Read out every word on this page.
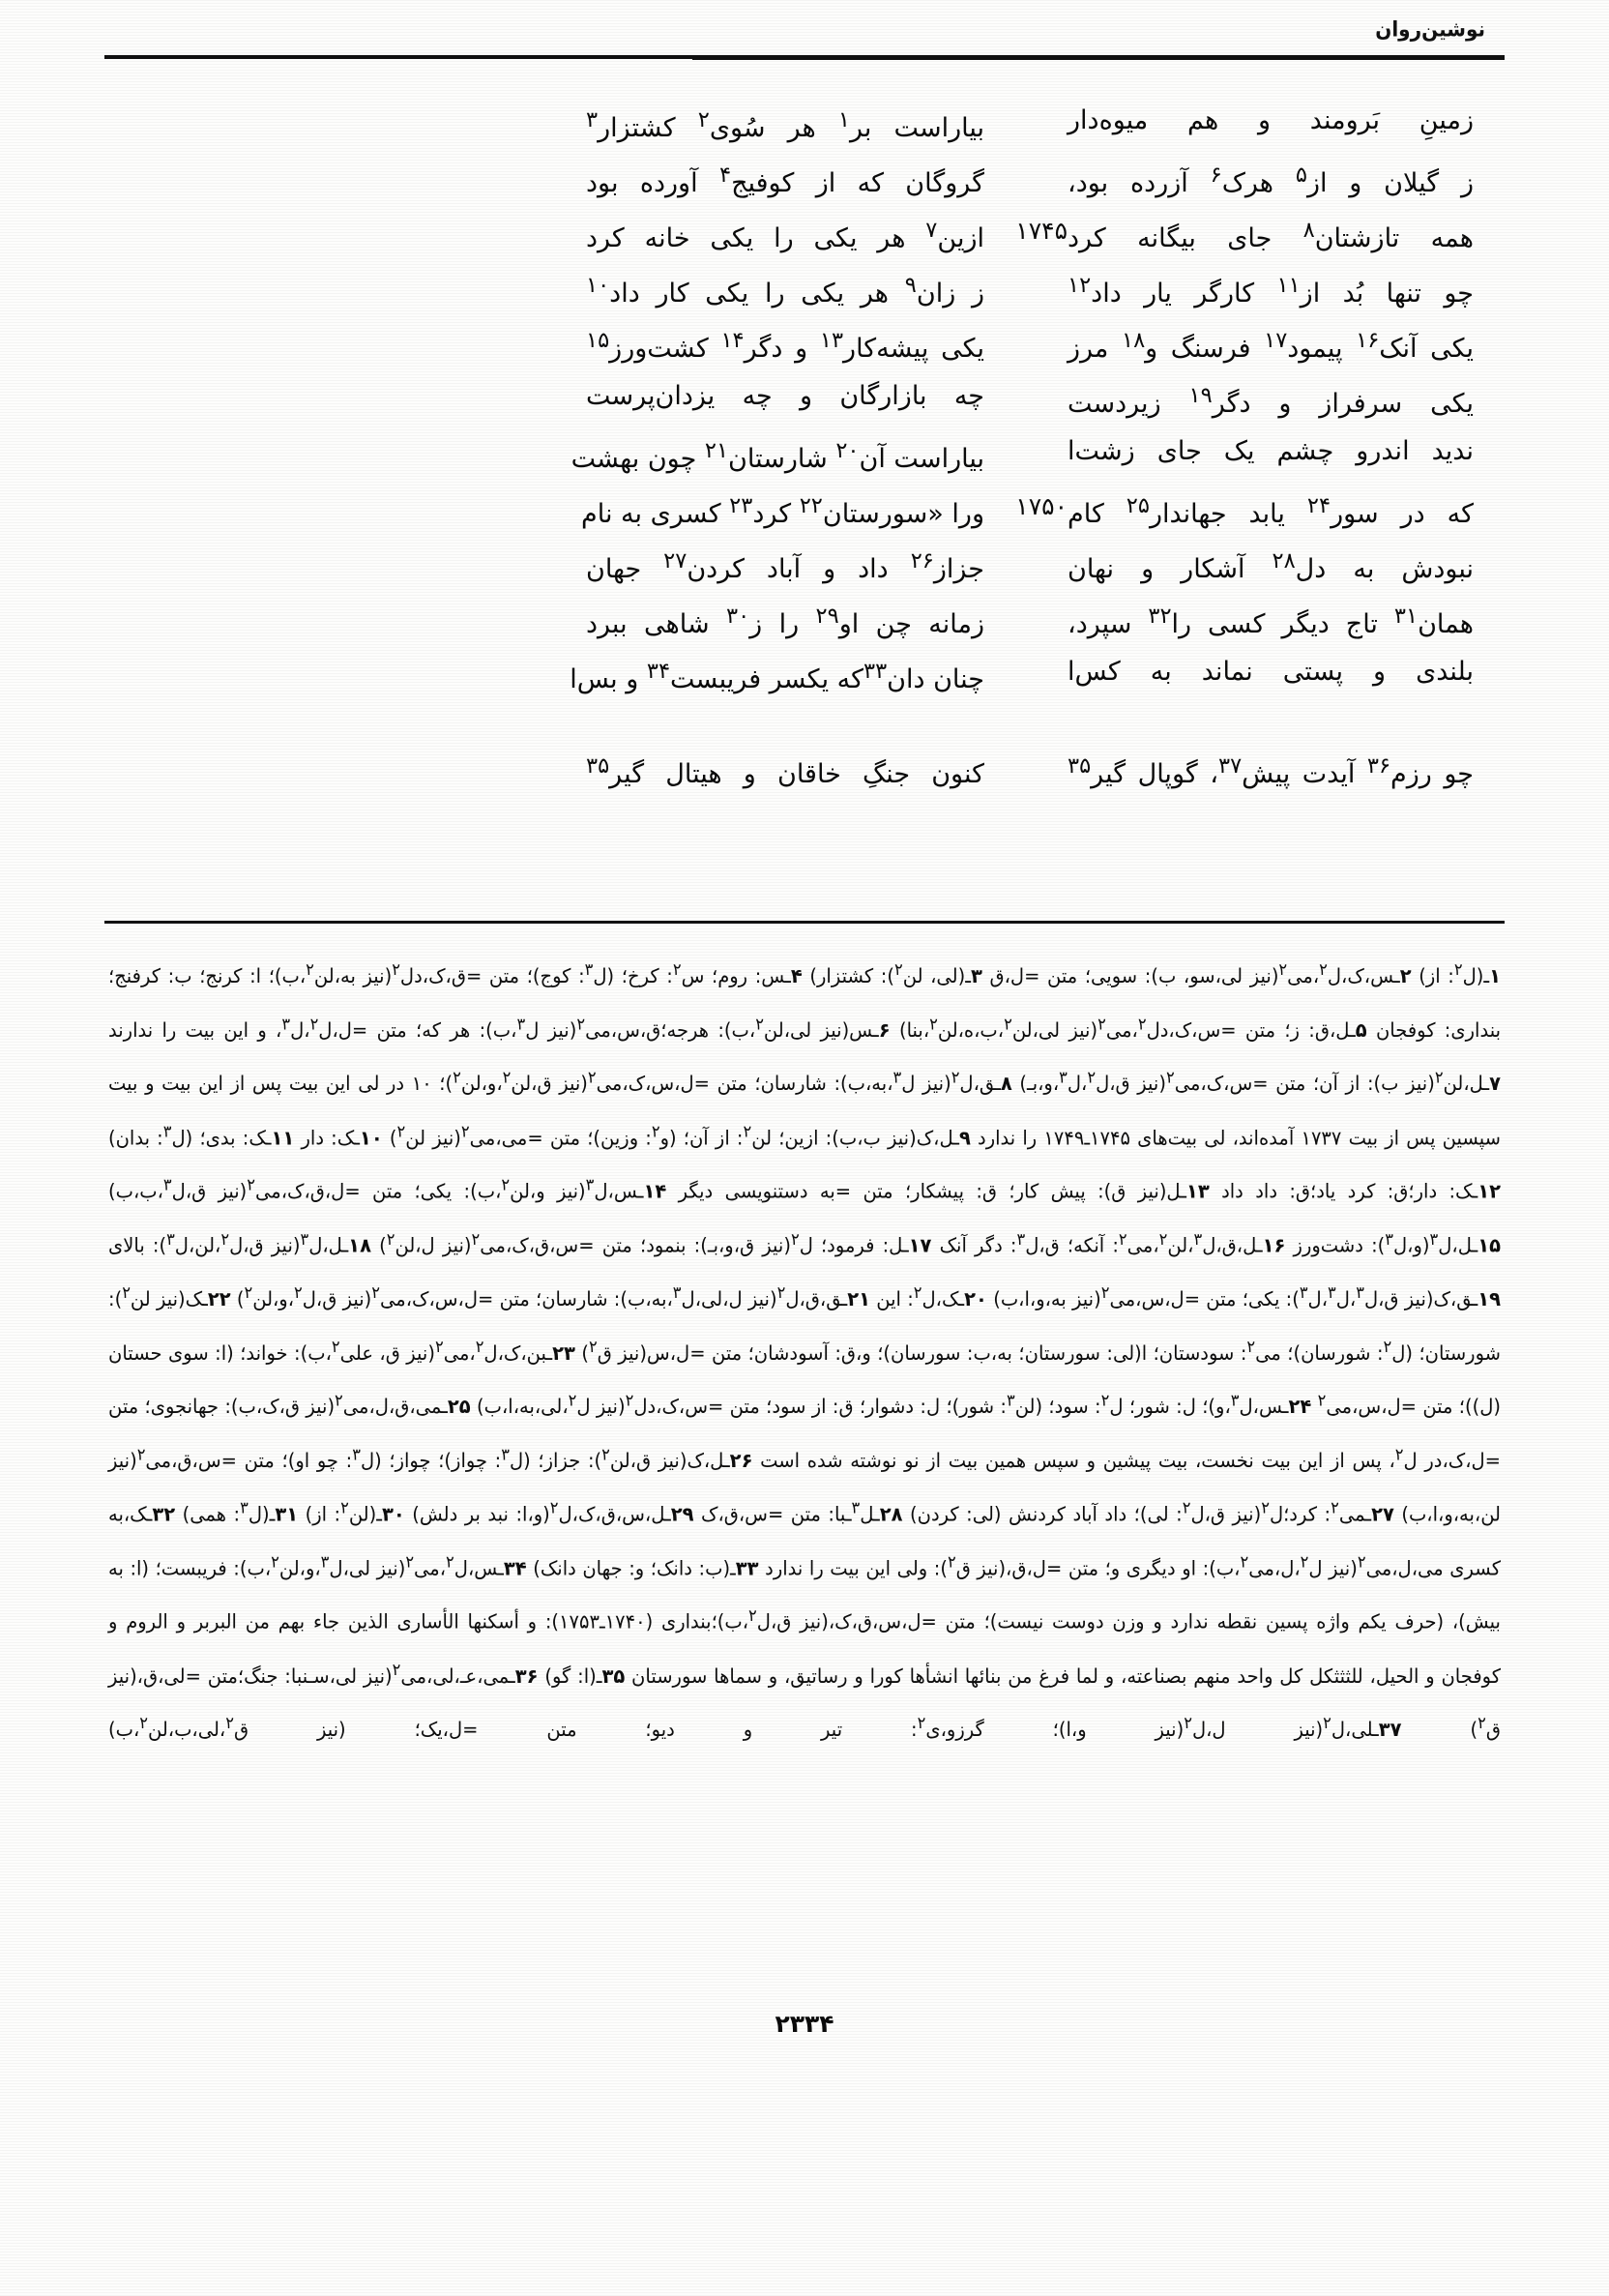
نوشین‌روان
زمینِ بَرومند و هم میوه‌دار
بیاراست بر$^۱$ هر سُوی$^۲$ کشتزار$^۳$
ز گیلان و از$^۵$ هرک$^۶$ آزرده بود،
گروگان که از کوفیج$^۴$ آورده بود
همه تازشتان$^۸$ جای بیگانه کرد
۱۷۴۵
ازین$^۷$ هر یکی را یکی خانه کرد
چو تنها بُد از$^{۱۱}$ کارگر یار داد$^{۱۲}$
ز زان$^۹$ هر یکی را یکی کار داد$^{۱۰}$
یکی آنک$^{۱۶}$ پیمود$^{۱۷}$ فرسنگ و$^{۱۸}$ مرز
یکی پیشه‌کار$^{۱۳}$ و دگر$^{۱۴}$ کشت‌ورز$^{۱۵}$
یکی سرفراز و دگر$^{۱۹}$ زیردست
چه بازارگان و چه یزدان‌پرست
ندید اندرو چشم یک جای زشت‌ا
بیاراست آن$^{۲۰}$ شارستان$^{۲۱}$ چون بهشت
که در سور$^{۲۴}$ یابد جهاندار$^{۲۵}$ کام
۱۷۵۰
ورا «سورستان$^{۲۲}$ کرد$^{۲۳}$ کسری به نام
نبودش به دل$^{۲۸}$ آشکار و نهان
جزاز$^{۲۶}$ داد و آباد کردن$^{۲۷}$ جهان
همان$^{۳۱}$ تاج دیگر کسی را$^{۳۲}$ سپرد،
زمانه چن او$^{۲۹}$ را ز$^{۳۰}$ شاهی ببرد
بلندی و پستی نماند به کس‌ا
چنان دان$^{۳۳}$که یکسر فریبست$^{۳۴}$ و بس‌ا
چو رزم$^{۳۶}$ آیدت پیش$^{۳۷}$، گوپال گیر$^{۳۵}$
کنون جنگِ خاقان و هیتال گیر$^{۳۵}$
۱ـ(ل$^۲$: از) ۲ـس،ک،ل$^۲$،می$^۲$(نیز لی،سو، ب): سویی؛ متن =ل،ق ۳ـ(لی، لن$^۲$): کشتزار) ۴ـس: روم؛ س$^۲$: کرخ؛ (ل$^۳$: کوج)؛ متن =ق،ک،دل$^۲$(نیز به،لن$^۲$،ب)؛ ا: کرنج؛ ب: کرفنج؛ بنداری: کوفجان ۵ـل،ق: ز؛ متن =س،ک،دل$^۲$،می$^۲$(نیز لی،لن$^۲$،ب،ه،لن$^۲$،بنا) ۶ـس(نیز لی،لن$^۲$،ب): هرجه؛ق،س،می$^۲$(نیز ل$^۳$،ب): هر که؛ متن =ل،ل$^۲$،ل$^۳$، و این بیت را ندارند ۷ـل،لن$^۲$(نیز ب): از آن؛ متن =س،ک،می$^۲$(نیز ق،ل$^۲$،ل$^۳$،و،بـ) ۸ـق،ل$^۲$(نیز ل$^۳$،به،ب): شارسان؛ متن =ل،س،ک،می$^۲$(نیز ق،لن$^۲$،و،لن$^۲$)؛ ۱۰ در لی این بیت پس از این بیت و بیت سپسین پس از بیت ۱۷۳۷ آمده‌اند، لی بیت‌های ۱۷۴۵ـ۱۷۴۹ را ندارد ۹ـل،ک(نیز ب،ب): ازین؛ لن$^۲$: از آن؛ (و$^۲$: وزین)؛ متن =می،می$^۲$(نیز لن$^۲$) ۱۰ـک: دار ۱۱ـک: بدی؛ (ل$^۳$: بدان) ۱۲ـک: دار؛ق: کرد یاد؛ق: داد داد ۱۳ـل(نیز ق): پیش کار؛ ق: پیشکار؛ متن =به دستنویسی دیگر ۱۴ـس،ل$^۳$(نیز و،لن$^۲$،ب): یکی؛ متن =ل،ق،ک،می$^۲$(نیز ق،ل$^۳$،ب،ب) ۱۵ـل،ل$^۳$(و،ل$^۳$): دشت‌ورز ۱۶ـل،ق،ل$^۳$،لن$^۲$،می$^۲$: آنکه؛ ق،ل$^۳$: دگر آنک ۱۷ـل: فرمود؛ ل$^۲$(نیز ق،و،بـ): بنمود؛ متن =س،ق،ک،می$^۲$(نیز ل،لن$^۲$) ۱۸ـل،ل$^۳$(نیز ق،ل$^۲$،لن،ل$^۳$): بالای ۱۹ـق،ک(نیز ق،ل$^۳$،ل$^۳$،ل$^۳$): یکی؛ متن =ل،س،می$^۲$(نیز به،و،ا،ب) ۲۰ـک،ل$^۲$: این ۲۱ـق،ق،ل$^۲$(نیز ل،لی،ل$^۳$،به،ب): شارسان؛ متن =ل،س،ک،می$^۲$(نیز ق،ل$^۲$،و،لن$^۲$) ۲۲ـک(نیز لن$^۲$): شورستان؛ (ل$^۲$: شورسان)؛ می$^۲$: سودستان؛ ا(لی: سورستان؛ به،ب: سورسان)؛ و،ق: آسودشان؛ متن =ل،س(نیز ق$^۲$) ۲۳ـبن،ک،ل$^۲$،می$^۲$(نیز ق، علی$^۲$،ب): خواند؛ (ا: سوی حستان (ل))؛ متن =ل،س،می$^۲$ ۲۴ـس،ل$^۳$،و)؛ ل: شور؛ ل$^۲$: سود؛ (لن$^۳$: شور)؛ ل: دشوار؛ ق: از سود؛ متن =س،ک،دل$^۲$(نیز ل$^۲$،لی،به،ا،ب) ۲۵ـمی،ق،ل،می$^۲$(نیز ق،ک،ب): جهانجوی؛ متن =ل،ک،در ل$^۲$، پس از این بیت نخست، بیت پیشین و سپس همین بیت از نو نوشته شده است ۲۶ـل،ک(نیز ق،لن$^۲$): جزاز؛ (ل$^۳$: چواز)؛ چواز؛ (ل$^۳$: چو او)؛ متن =س،ق،می$^۲$(نیز لن،به،و،ا،ب) ۲۷ـمی$^۲$: کرد؛ل$^۲$(نیز ق،ل$^۲$: لی)؛ داد آباد کردنش (لی: کردن) ۲۸ـل$^۳$ـبا: متن =س،ق،ک ۲۹ـل،س،ق،ک،ل$^۲$(و،ا: نبد بر دلش) ۳۰ـ(لن$^۲$: از) ۳۱ـ(ل$^۳$: همی) ۳۲ـک،به کسری می،ل،می$^۲$(نیز ل$^۲$،ل،می$^۲$،ب): او دیگری و؛ متن =ل،ق،(نیز ق$^۲$): ولی این بیت را ندارد ۳۳ـ(ب: دانک؛ و: جهان دانک) ۳۴ـس،ل$^۲$،می$^۲$(نیز لی،ل$^۳$،و،لن$^۲$،ب): فریبست؛ (ا: به بیش)، (حرف یکم واژه پسین نقطه ندارد و وزن دوست نیست)؛ متن =ل،س،ق،ک،(نیز ق،ل$^۲$،ب)؛بنداری (۱۷۴۰ـ۱۷۵۳): و أسکنها الأساری الذین جاء بهم من البربر و الروم و کوفجان و الحیل، للثثثکل کل واحد منهم بصناعته، و لما فرغ من بنائها انشأها کورا و رساتیق، و سماها سورستان ۳۵ـ(ا: گو) ۳۶ـمی،عـ،لی،می$^۲$(نیز لی،سـنبا: جنگ؛متن =لی،ق،(نیز ق$^۲$) ۳۷ـلی،ل$^۲$(نیز ل،ل$^۲$(نیز و،ا)؛ گرزو،ی$^۲$: تیر و دیو؛ متن =ل،یک؛ (نیز ق$^۲$،لی،ب،لن$^۲$،ب)
۲۳۳۴
